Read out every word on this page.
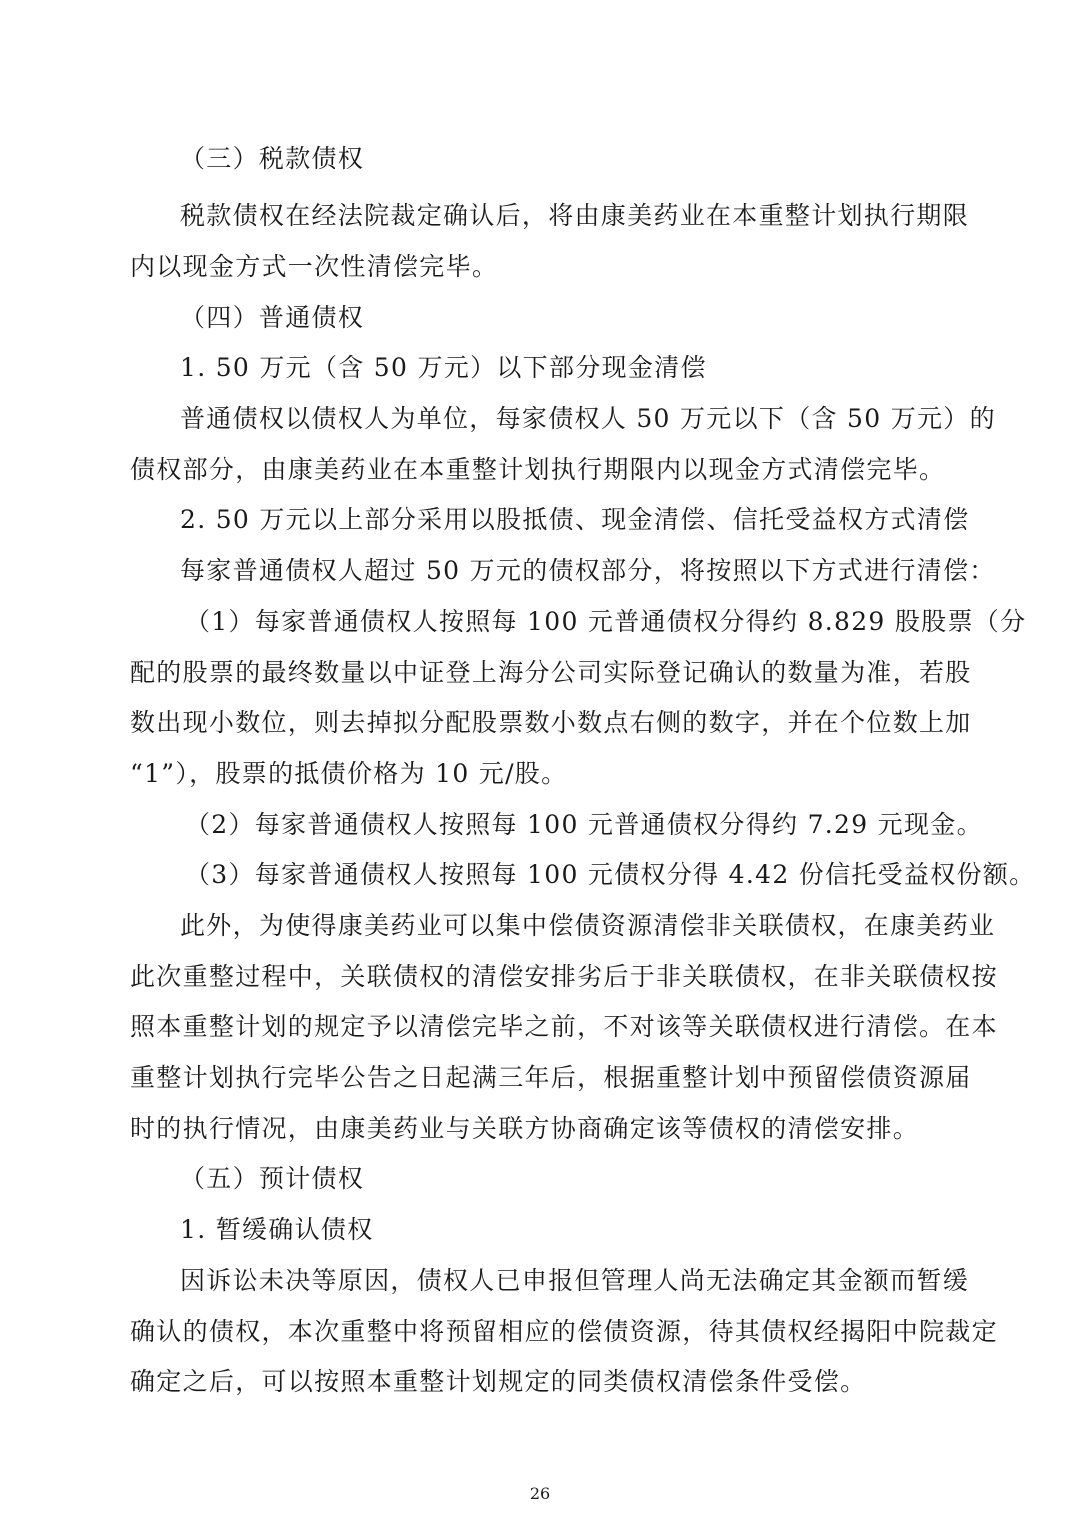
（三）税款债权
税款债权在经法院裁定确认后，将由康美药业在本重整计划执行期限
内以现金方式一次性清偿完毕。
（四）普通债权
1. 50 万元（含 50 万元）以下部分现金清偿
普通债权以债权人为单位，每家债权人 50 万元以下（含 50 万元）的
债权部分，由康美药业在本重整计划执行期限内以现金方式清偿完毕。
2. 50 万元以上部分采用以股抵债、现金清偿、信托受益权方式清偿
每家普通债权人超过 50 万元的债权部分，将按照以下方式进行清偿：
（1）每家普通债权人按照每 100 元普通债权分得约 8.829 股股票（分
配的股票的最终数量以中证登上海分公司实际登记确认的数量为准，若股
数出现小数位，则去掉拟分配股票数小数点右侧的数字，并在个位数上加
“1”），股票的抵债价格为 10 元/股。
（2）每家普通债权人按照每 100 元普通债权分得约 7.29 元现金。
（3）每家普通债权人按照每 100 元债权分得 4.42 份信托受益权份额。
此外，为使得康美药业可以集中偿债资源清偿非关联债权，在康美药业
此次重整过程中，关联债权的清偿安排劣后于非关联债权，在非关联债权按
照本重整计划的规定予以清偿完毕之前，不对该等关联债权进行清偿。在本
重整计划执行完毕公告之日起满三年后，根据重整计划中预留偿债资源届
时的执行情况，由康美药业与关联方协商确定该等债权的清偿安排。
（五）预计债权
1. 暂缓确认债权
因诉讼未决等原因，债权人已申报但管理人尚无法确定其金额而暂缓
确认的债权，本次重整中将预留相应的偿债资源，待其债权经揭阳中院裁定
确定之后，可以按照本重整计划规定的同类债权清偿条件受偿。
26
